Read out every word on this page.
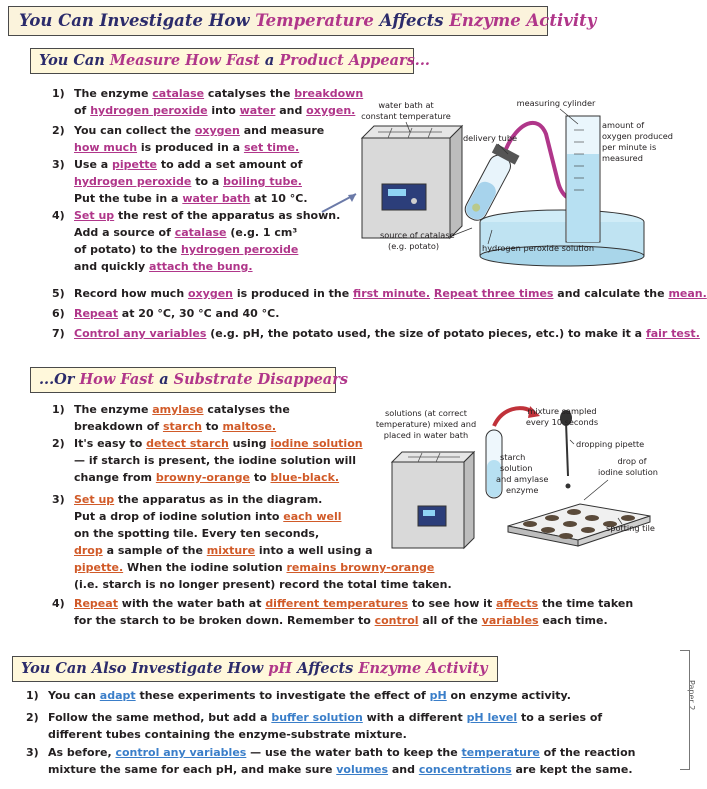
You Can Investigate How Temperature Affects Enzyme Activity
You Can Measure How Fast a Product Appears...
1) The enzyme catalase catalyses the breakdown
of hydrogen peroxide into water and oxygen.
2) You can collect the oxygen and measure
how much is produced in a set time.
3) Use a pipette to add a set amount of
hydrogen peroxide to a boiling tube.
Put the tube in a water bath at 10 °C.
4) Set up the rest of the apparatus as shown.
Add a source of catalase (e.g. 1 cm³
of potato) to the hydrogen peroxide
and quickly attach the bung.
5) Record how much oxygen is produced in the first minute. Repeat three times and calculate the mean.
6) Repeat at 20 °C, 30 °C and 40 °C.
7) Control any variables (e.g. pH, the potato used, the size of potato pieces, etc.) to make it a fair test.
water bath at
constant temperature
measuring cylinder
delivery tube
amount of
oxygen produced
per minute is
measured
source of catalase
(e.g. potato)	hydrogen peroxide solution
...Or How Fast a Substrate Disappears
1) The enzyme amylase catalyses the
breakdown of starch to maltose.
2) It's easy to detect starch using iodine solution
— if starch is present, the iodine solution will
change from browny-orange to blue-black.
3) Set up the apparatus as in the diagram.
Put a drop of iodine solution into each well
on the spotting tile. Every ten seconds,
drop a sample of the mixture into a well using a
pipette. When the iodine solution remains browny-orange
(i.e. starch is no longer present) record the total time taken.
4) Repeat with the water bath at different temperatures to see how it affects the time taken
for the starch to be broken down. Remember to control all of the variables each time.
solutions (at correct
temperature) mixed and
placed in water bath
mixture sampled
every 10 seconds
dropping pipette
starch
solution
and amylase
enzyme
drop of
iodine solution
spotting tile
You Can Also Investigate How pH Affects Enzyme Activity
1) You can adapt these experiments to investigate the effect of pH on enzyme activity.
2) Follow the same method, but add a buffer solution with a different pH level to a series of
different tubes containing the enzyme-substrate mixture.
3) As before, control any variables — use the water bath to keep the temperature of the reaction
mixture the same for each pH, and make sure volumes and concentrations are kept the same.
Paper 2
